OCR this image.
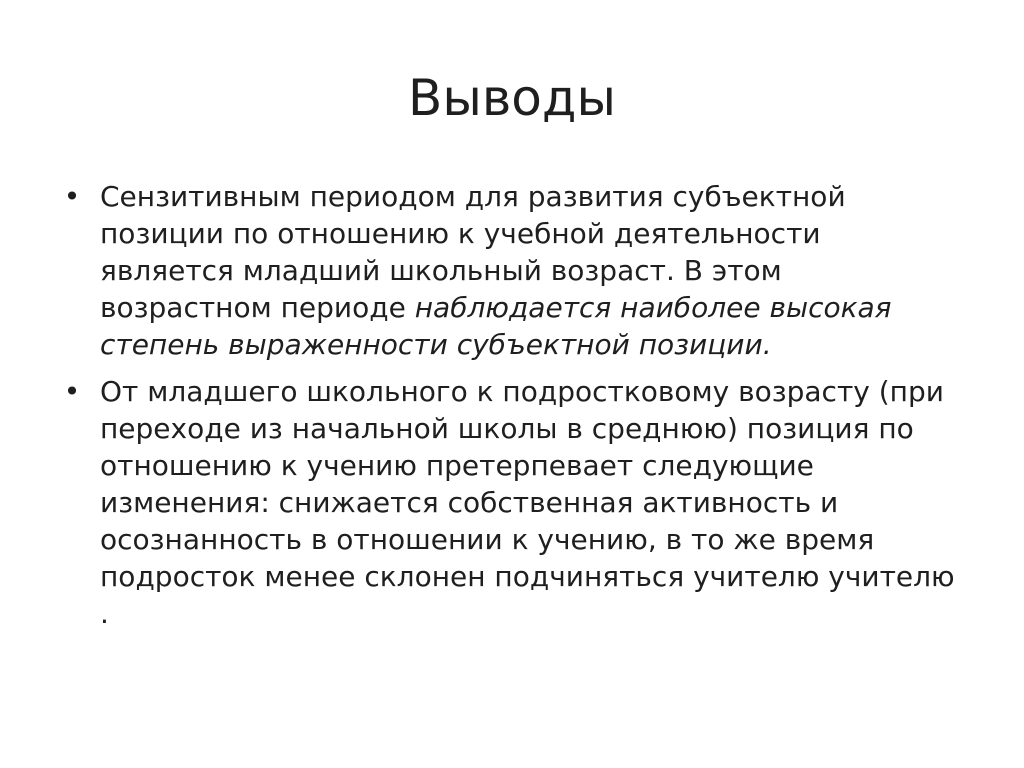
Выводы
• Сензитивным периодом для развития субъектной позиции по отношению к учебной деятельности является младший школьный возраст. В этом возрастном периоде наблюдается наиболее высокая степень выраженности субъектной позиции.
• От младшего школьного к подростковому возрасту (при переходе из начальной школы в среднюю) позиция по отношению к учению претерпевает следующие изменения: снижается собственная активность и осознанность в отношении к учению, в то же время подросток менее склонен подчиняться учителю учителю .
